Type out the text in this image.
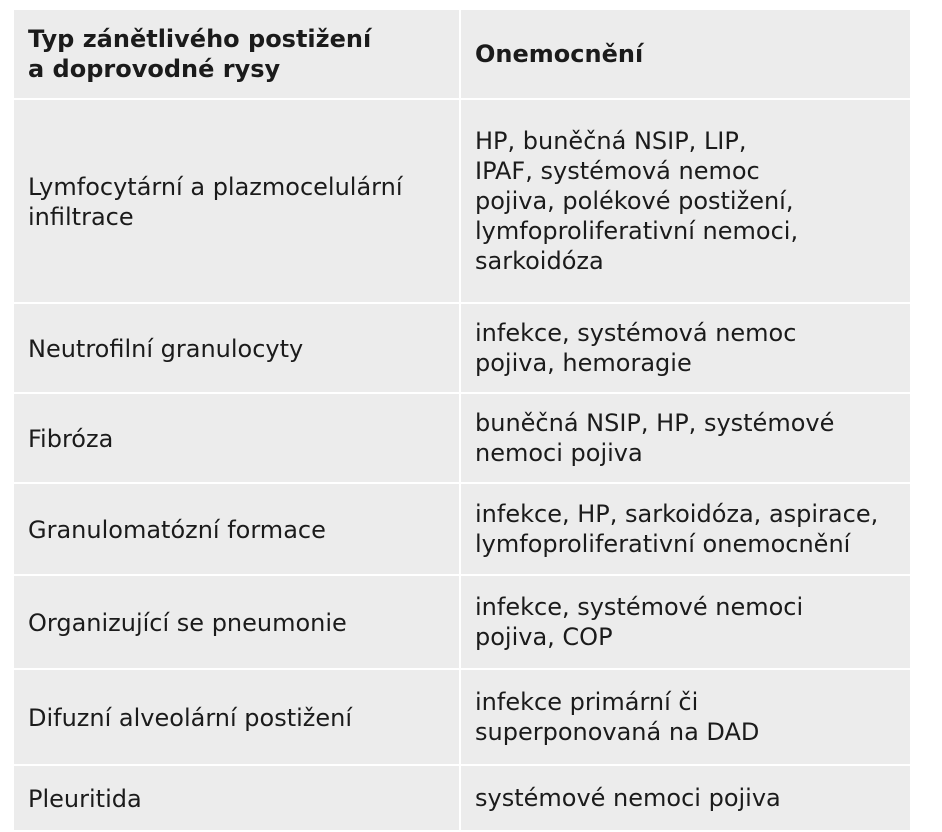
Typ zánětlivého postižení
a doprovodné rysy	Onemocnění

Lymfocytární a plazmocelulární
infiltrace	HP, buněčná NSIP, LIP,
IPAF, systémová nemoc
pojiva, polékové postižení,
lymfoproliferativní nemoci,
sarkoidóza

Neutrofilní granulocyty	infekce, systémová nemoc
pojiva, hemoragie

Fibróza	buněčná NSIP, HP, systémové
nemoci pojiva

Granulomatózní formace	infekce, HP, sarkoidóza, aspirace,
lymfoproliferativní onemocnění

Organizující se pneumonie	infekce, systémové nemoci
pojiva, COP

Difuzní alveolární postižení	infekce primární či
superponovaná na DAD

Pleuritida	systémové nemoci pojiva
